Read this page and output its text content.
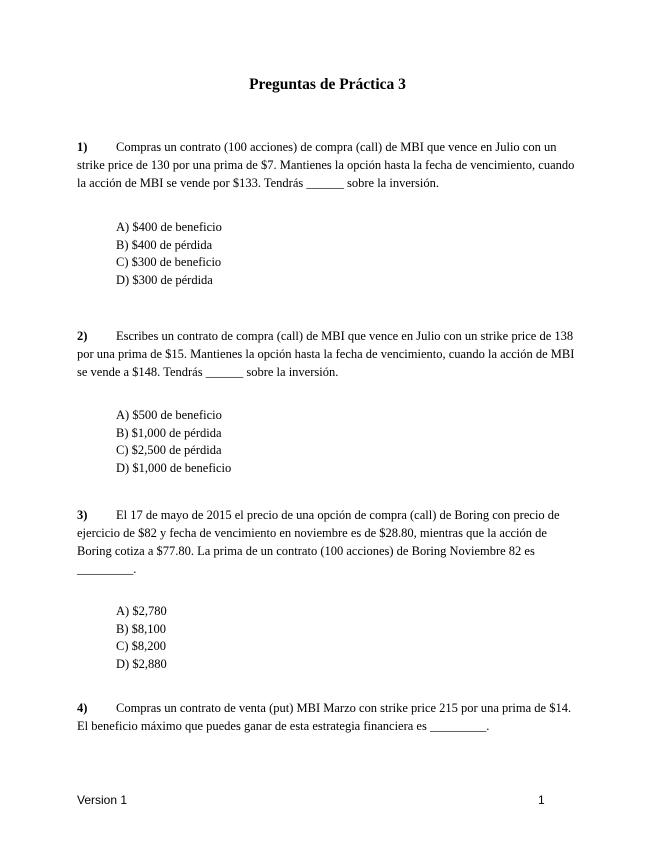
Preguntas de Práctica 3
1) Compras un contrato (100 acciones) de compra (call) de MBI que vence en Julio con un strike price de 130 por una prima de $7. Mantienes la opción hasta la fecha de vencimiento, cuando la acción de MBI se vende por $133. Tendrás ______ sobre la inversión.
A) $400 de beneficio
B) $400 de pérdida
C) $300 de beneficio
D) $300 de pérdida
2) Escribes un contrato de compra (call) de MBI que vence en Julio con un strike price de 138 por una prima de $15. Mantienes la opción hasta la fecha de vencimiento, cuando la acción de MBI se vende a $148. Tendrás ______ sobre la inversión.
A) $500 de beneficio
B) $1,000 de pérdida
C) $2,500 de pérdida
D) $1,000 de beneficio
3) El 17 de mayo de 2015 el precio de una opción de compra (call) de Boring con precio de ejercicio de $82 y fecha de vencimiento en noviembre es de $28.80, mientras que la acción de Boring cotiza a $77.80. La prima de un contrato (100 acciones) de Boring Noviembre 82 es _________.
A) $2,780
B) $8,100
C) $8,200
D) $2,880
4) Compras un contrato de venta (put) MBI Marzo con strike price 215 por una prima de $14. El beneficio máximo que puedes ganar de esta estrategia financiera es _________.
Version 1	1
